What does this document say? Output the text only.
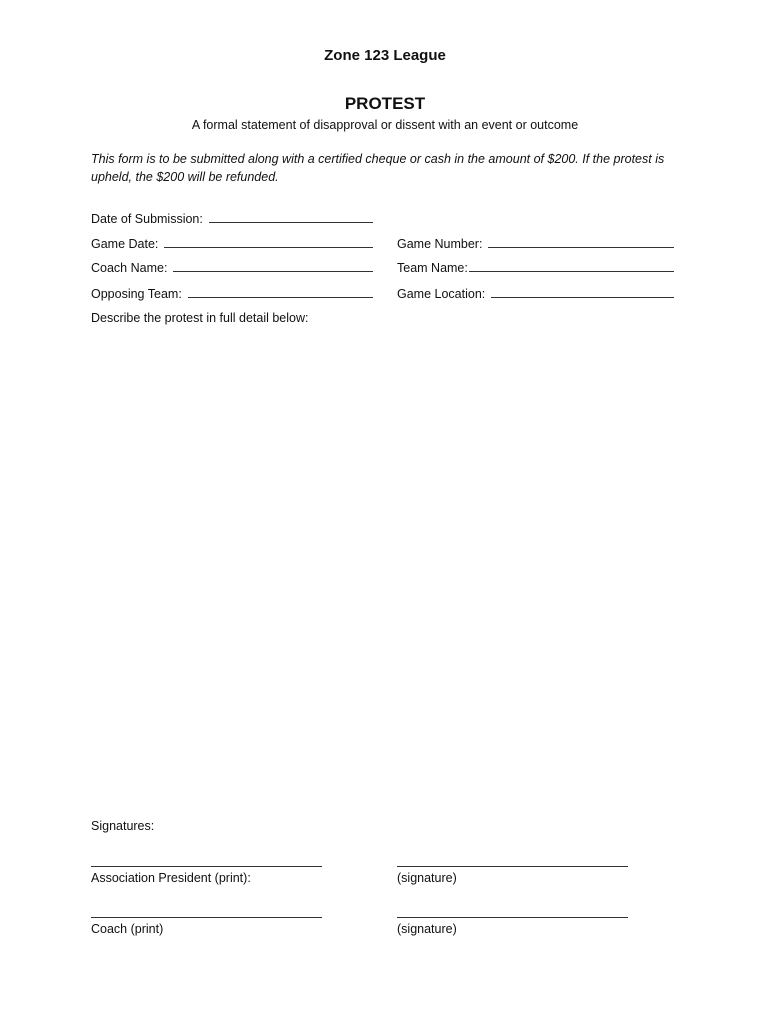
Zone 123 League
PROTEST
A formal statement of disapproval or dissent with an event or outcome
This form is to be submitted along with a certified cheque or cash in the amount of $200. If the protest is upheld, the $200 will be refunded.
Date of Submission:
Game Date:	Game Number:
Coach Name:	Team Name:
Opposing Team:	Game Location:
Describe the protest in full detail below:
Signatures:
Association President (print):	(signature)
Coach (print)	(signature)
